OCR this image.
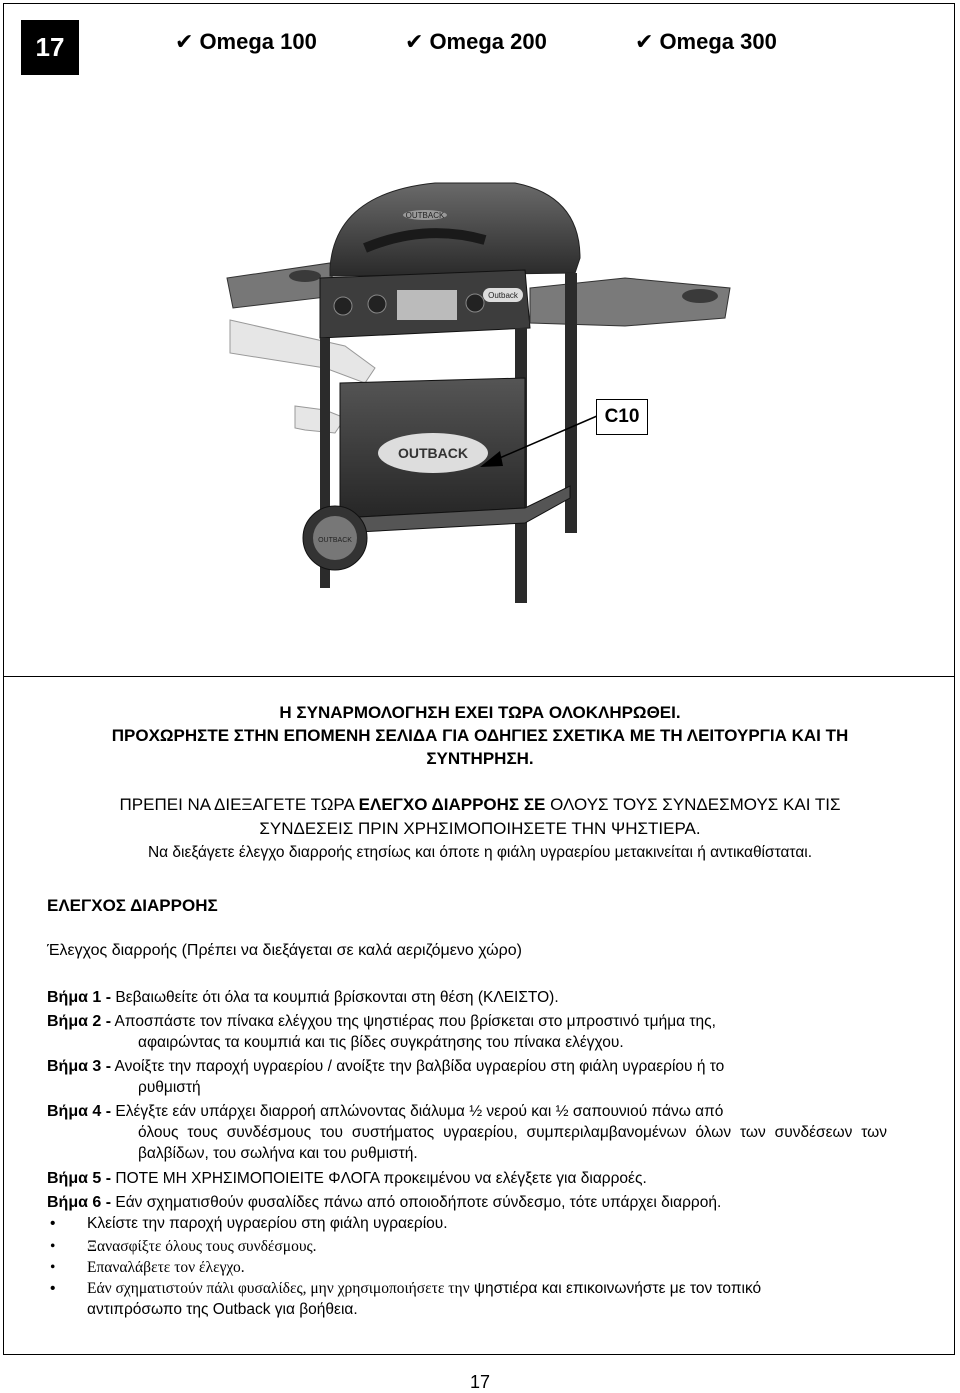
17	✔ Omega 100	✔ Omega 200	✔ Omega 300
OUTBACK
Outback
OUTBACK
OUTBACK
C10
Η ΣΥΝΑΡΜΟΛΟΓΗΣΗ ΕΧΕΙ ΤΩΡΑ ΟΛΟΚΛΗΡΩΘΕΙ.
ΠΡΟΧΩΡΗΣΤΕ ΣΤΗΝ ΕΠΟΜΕΝΗ ΣΕΛΙΔΑ ΓΙΑ ΟΔΗΓΙΕΣ ΣΧΕΤΙΚΑ ΜΕ ΤΗ ΛΕΙΤΟΥΡΓΙΑ ΚΑΙ ΤΗ
ΣΥΝΤΗΡΗΣΗ.
ΠΡΕΠΕΙ ΝΑ ΔΙΕΞΑΓΕΤΕ ΤΩΡΑ ΕΛΕΓΧΟ ΔΙΑΡΡΟΗΣ ΣΕ ΟΛΟΥΣ ΤΟΥΣ ΣΥΝΔΕΣΜΟΥΣ ΚΑΙ ΤΙΣ
ΣΥΝΔΕΣΕΙΣ ΠΡΙΝ ΧΡΗΣΙΜΟΠΟΙΗΣΕΤΕ ΤΗΝ ΨΗΣΤΙΕΡΑ.
Να διεξάγετε έλεγχο διαρροής ετησίως και όποτε η φιάλη υγραερίου μετακινείται ή αντικαθίσταται.
ΕΛΕΓΧΟΣ ΔΙΑΡΡΟΗΣ
Έλεγχος διαρροής (Πρέπει να διεξάγεται σε καλά αεριζόμενο χώρο)
Βήμα 1 - Βεβαιωθείτε ότι όλα τα κουμπιά βρίσκονται στη θέση (ΚΛΕΙΣΤΟ).
Βήμα 2 - Αποσπάστε τον πίνακα ελέγχου της ψηστιέρας που βρίσκεται στο μπροστινό τμήμα της,
αφαιρώντας τα κουμπιά και τις βίδες συγκράτησης του πίνακα ελέγχου.
Βήμα 3 - Ανοίξτε την παροχή υγραερίου / ανοίξτε την βαλβίδα υγραερίου στη φιάλη υγραερίου ή το
ρυθμιστή
Βήμα 4 - Ελέγξτε εάν υπάρχει διαρροή απλώνοντας διάλυμα ½ νερού και ½ σαπουνιού πάνω από
όλους τους συνδέσμους του συστήματος υγραερίου, συμπεριλαμβανομένων όλων των συνδέσεων των βαλβίδων, του σωλήνα και του ρυθμιστή.
Βήμα 5 - ΠΟΤΕ ΜΗ ΧΡΗΣΙΜΟΠΟΙΕΙΤΕ ΦΛΟΓΑ προκειμένου να ελέγξετε για διαρροές.
Βήμα 6 - Εάν σχηματισθούν φυσαλίδες πάνω από οποιοδήποτε σύνδεσμο, τότε υπάρχει διαρροή.
• Κλείστε την παροχή υγραερίου στη φιάλη υγραερίου.
• Ξανασφίξτε όλους τους συνδέσμους.
• Επαναλάβετε τον έλεγχο.
• Εάν σχηματιστούν πάλι φυσαλίδες, μην χρησιμοποιήσετε την ψηστιέρα και επικοινωνήστε με τον τοπικό
αντιπρόσωπο της Outback για βοήθεια.
17
